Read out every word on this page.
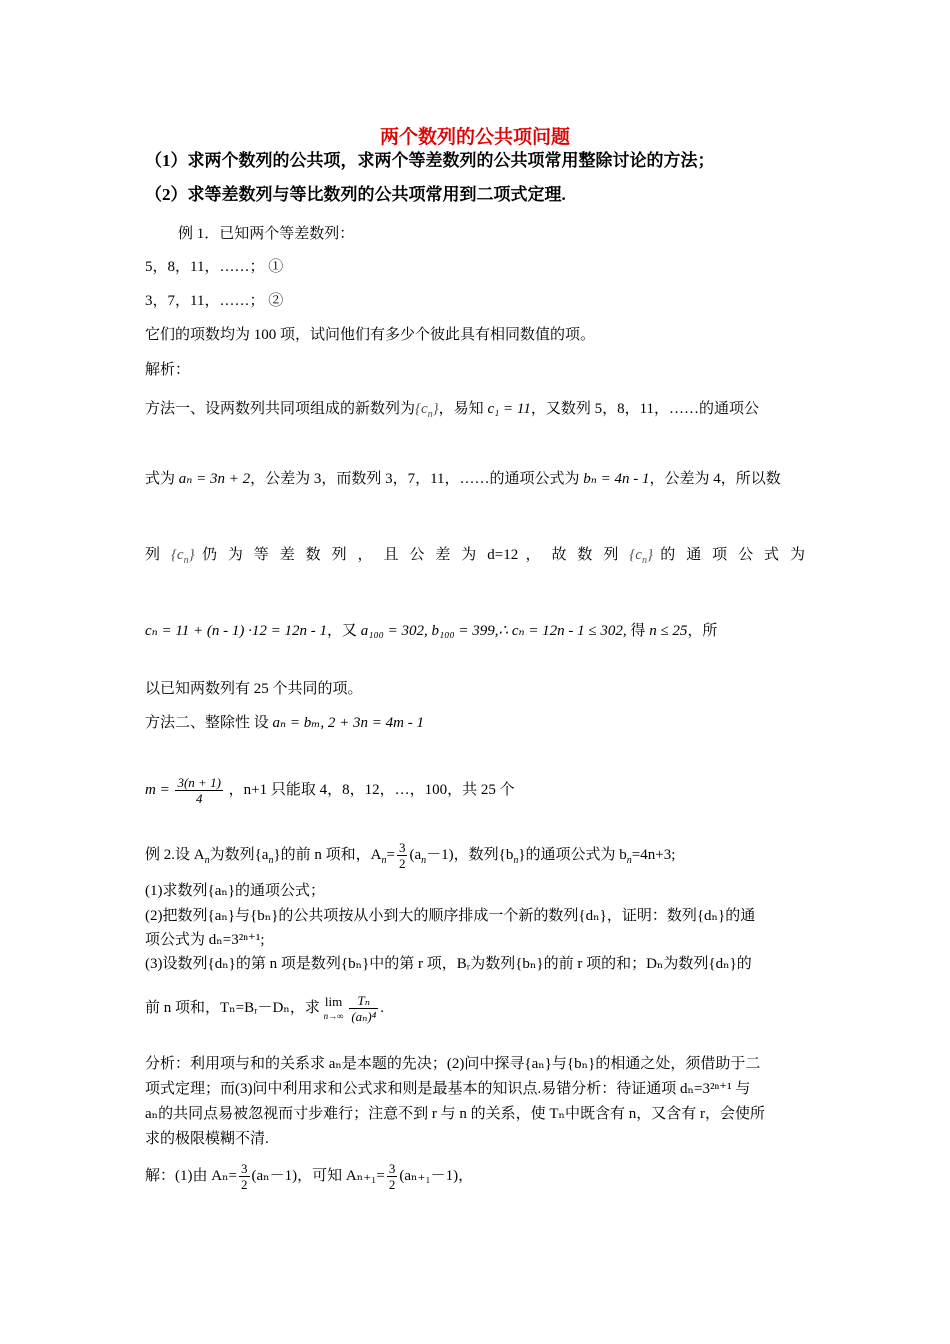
两个数列的公共项问题
（1）求两个数列的公共项，求两个等差数列的公共项常用整除讨论的方法；
（2）求等差数列与等比数列的公共项常用到二项式定理.
例 1．已知两个等差数列：
5，8，11，……； ①
3，7，11，……； ②
它们的项数均为 100 项，试问他们有多少个彼此具有相同数值的项。
解析：
方法一、设两数列共同项组成的新数列为$\{c_n\}$，易知 c₁ = 11，又数列 5，8，11，……的通项公
式为 aₙ = 3n + 2，公差为 3，而数列 3，7，11，……的通项公式为 bₙ = 4n - 1，公差为 4，所以数
列 $\{c_n\}$ 仍 为 等 差 数 列 ， 且 公 差 为 d=12 ， 故 数 列 $\{c_n\}$ 的 通 项 公 式 为
cₙ = 11 + (n - 1) ·12 = 12n - 1，又 a₁₀₀ = 302, b₁₀₀ = 399,∴ cₙ = 12n - 1 ≤ 302, 得 n ≤ 25，所
以已知两数列有 25 个共同的项。
方法二、整除性 设 aₙ = bₘ, 2 + 3n = 4m - 1
$m = \frac{3(n + 1)}{4}$ ，n+1 只能取 4，8，12，…，100，共 25 个
例 2.设 $A_n$为数列$\{a_n\}$的前 n 项和，$A_n= \frac{3}{2} (a_n-1)$，数列$\{b_n\}$的通项公式为 $b_n=4n+3$;
(1)求数列{aₙ}的通项公式；
(2)把数列{aₙ}与{bₙ}的公共项按从小到大的顺序排成一个新的数列{dₙ}，证明：数列{dₙ}的通
项公式为 dₙ=3²ⁿ⁺¹;
(3)设数列{dₙ}的第 n 项是数列{bₙ}中的第 r 项，Bᵣ为数列{bₙ}的前 r 项的和；Dₙ为数列{dₙ}的
前 n 项和，Tₙ=Bᵣ－Dₙ，求 lim
n→∞
$\frac{\text{Tₙ}}{\text{(aₙ)⁴}}$ .
分析：利用项与和的关系求 aₙ是本题的先决；(2)问中探寻{aₙ}与{bₙ}的相通之处，须借助于二
项式定理；而(3)问中利用求和公式求和则是最基本的知识点.易错分析：待证通项 dₙ=3²ⁿ⁺¹ 与
aₙ的共同点易被忽视而寸步难行；注意不到 r 与 n 的关系，使 Tₙ中既含有 n，又含有 r，会使所
求的极限模糊不清.
解：(1)由 $A_n= \frac{3}{2} (a_n-1)$，可知 $A_{n+1}= \frac{3}{2} (a_{n+1}-1)$，
